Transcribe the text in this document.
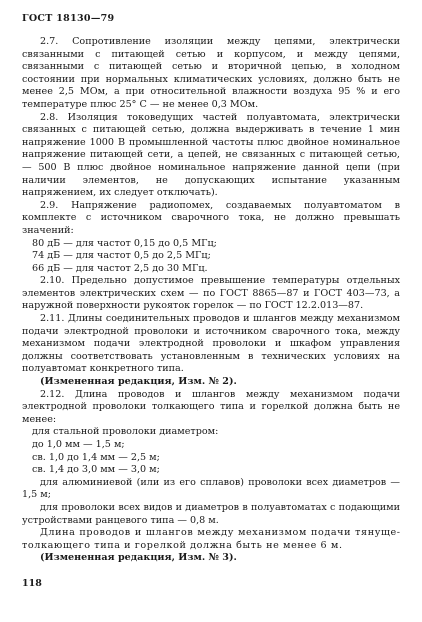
ГОСТ 18130—79

2.7. Сопротивление изоляции между цепями, электрически связанными с питающей сетью и корпусом, и между цепями, связанными с питающей сетью и вторичной цепью, в холодном состоянии при нормальных климатических условиях, должно быть не менее 2,5 МОм, а при относительной влажности воздуха 95 % и его температуре плюс 25° С — не менее 0,3 МОм.

2.8. Изоляция токоведущих частей полуавтомата, электрически связанных с питающей сетью, должна выдерживать в течение 1 мин напряжение 1000 В промышленной частоты плюс двойное номинальное напряжение питающей сети, а цепей, не связанных с питающей сетью, — 500 В плюс двойное номинальное напряжение данной цепи (при наличии элементов, не допускающих испытание указанным напряжением, их следует отключать).

2.9. Напряжение радиопомех, создаваемых полуавтоматом в комплекте с источником сварочного тока, не должно превышать значений:

80 дБ — для частот 0,15 до 0,5 МГц;

74 дБ — для частот 0,5 до 2,5 МГц;

66 дБ — для частот 2,5 до 30 МГц.

2.10. Предельно допустимое превышение температуры отдельных элементов электрических схем — по ГОСТ 8865—87 и ГОСТ 403—73, а наружной поверхности рукояток горелок — по ГОСТ 12.2.013—87.

2.11. Длины соединительных проводов и шлангов между механизмом подачи электродной проволоки и источником сварочного тока, между механизмом подачи электродной проволоки и шкафом управления должны соответствовать установленным в технических условиях на полуавтомат конкретного типа.

(Измененная редакция, Изм. № 2).

2.12. Длина проводов и шлангов между механизмом подачи электродной проволоки толкающего типа и горелкой должна быть не менее:

для стальной проволоки диаметром:

до 1,0 мм — 1,5 м;

св. 1,0 до 1,4 мм — 2,5 м;

св. 1,4 до 3,0 мм — 3,0 м;

для алюминиевой (или из его сплавов) проволоки всех диаметров — 1,5 м;

для проволоки всех видов и диаметров в полуавтоматах с подающими устройствами ранцевого типа — 0,8 м.

Длина проводов и шлангов между механизмом подачи тянущетолкающего типа и горелкой должна быть не менее 6 м.

(Измененная редакция, Изм. № 3).

118
